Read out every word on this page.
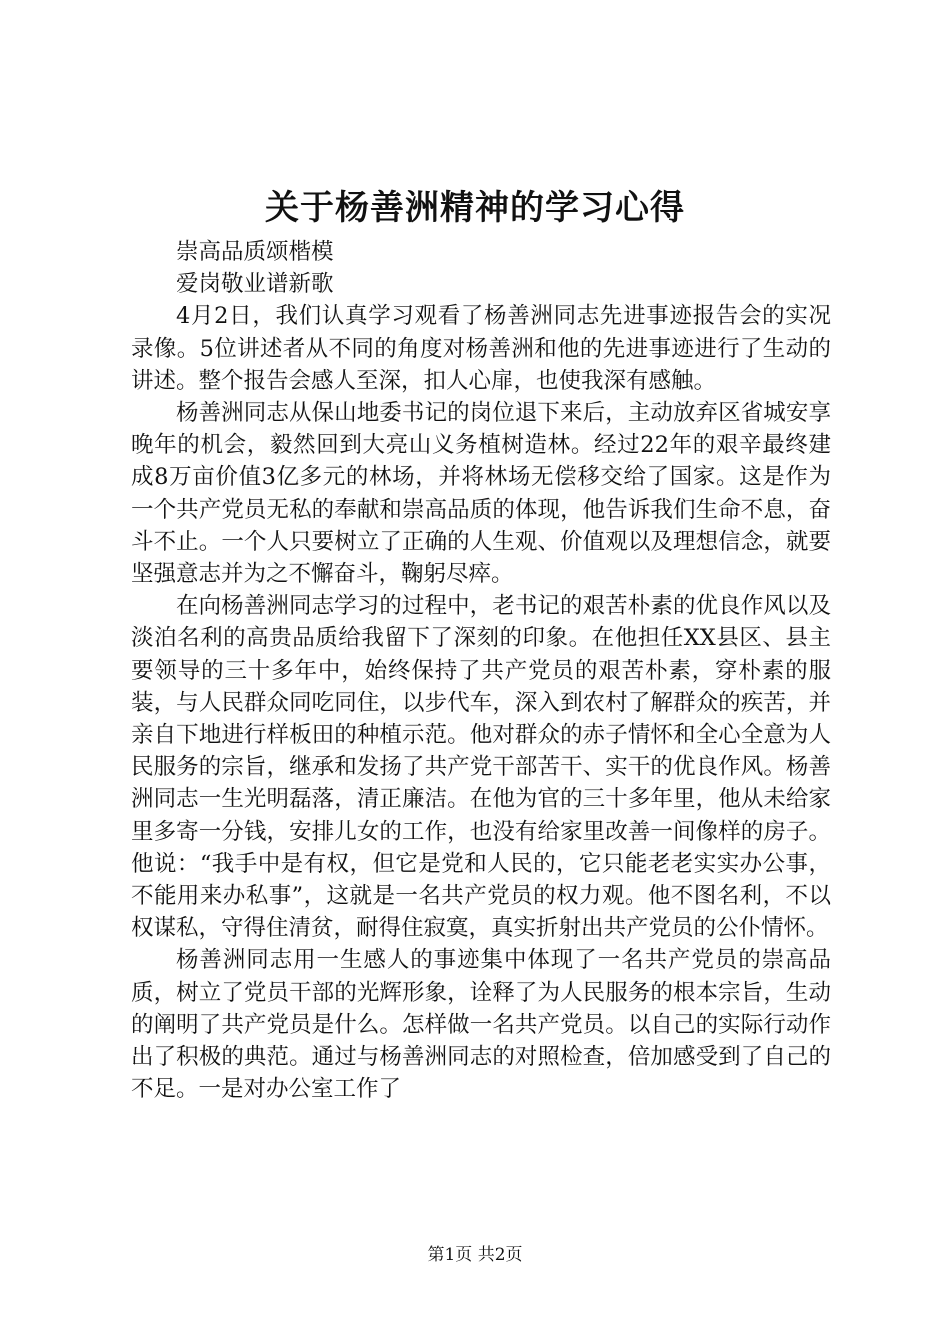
关于杨善洲精神的学习心得

崇高品质颂楷模

爱岗敬业谱新歌

4月2日，我们认真学习观看了杨善洲同志先进事迹报告会的实况录像。5位讲述者从不同的角度对杨善洲和他的先进事迹进行了生动的讲述。整个报告会感人至深，扣人心扉，也使我深有感触。

杨善洲同志从保山地委书记的岗位退下来后，主动放弃区省城安享晚年的机会，毅然回到大亮山义务植树造林。经过22年的艰辛最终建成8万亩价值3亿多元的林场，并将林场无偿移交给了国家。这是作为一个共产党员无私的奉献和崇高品质的体现，他告诉我们生命不息，奋斗不止。一个人只要树立了正确的人生观、价值观以及理想信念，就要坚强意志并为之不懈奋斗，鞠躬尽瘁。

在向杨善洲同志学习的过程中，老书记的艰苦朴素的优良作风以及淡泊名利的高贵品质给我留下了深刻的印象。在他担任XX县区、县主要领导的三十多年中，始终保持了共产党员的艰苦朴素，穿朴素的服装，与人民群众同吃同住，以步代车，深入到农村了解群众的疾苦，并亲自下地进行样板田的种植示范。他对群众的赤子情怀和全心全意为人民服务的宗旨，继承和发扬了共产党干部苦干、实干的优良作风。杨善洲同志一生光明磊落，清正廉洁。在他为官的三十多年里，他从未给家里多寄一分钱，安排儿女的工作，也没有给家里改善一间像样的房子。他说：“我手中是有权，但它是党和人民的，它只能老老实实办公事，不能用来办私事”，这就是一名共产党员的权力观。他不图名利，不以权谋私，守得住清贫，耐得住寂寞，真实折射出共产党员的公仆情怀。

杨善洲同志用一生感人的事迹集中体现了一名共产党员的崇高品质，树立了党员干部的光辉形象，诠释了为人民服务的根本宗旨，生动的阐明了共产党员是什么。怎样做一名共产党员。以自己的实际行动作出了积极的典范。通过与杨善洲同志的对照检查，倍加感受到了自己的不足。一是对办公室工作了

第1页 共2页
